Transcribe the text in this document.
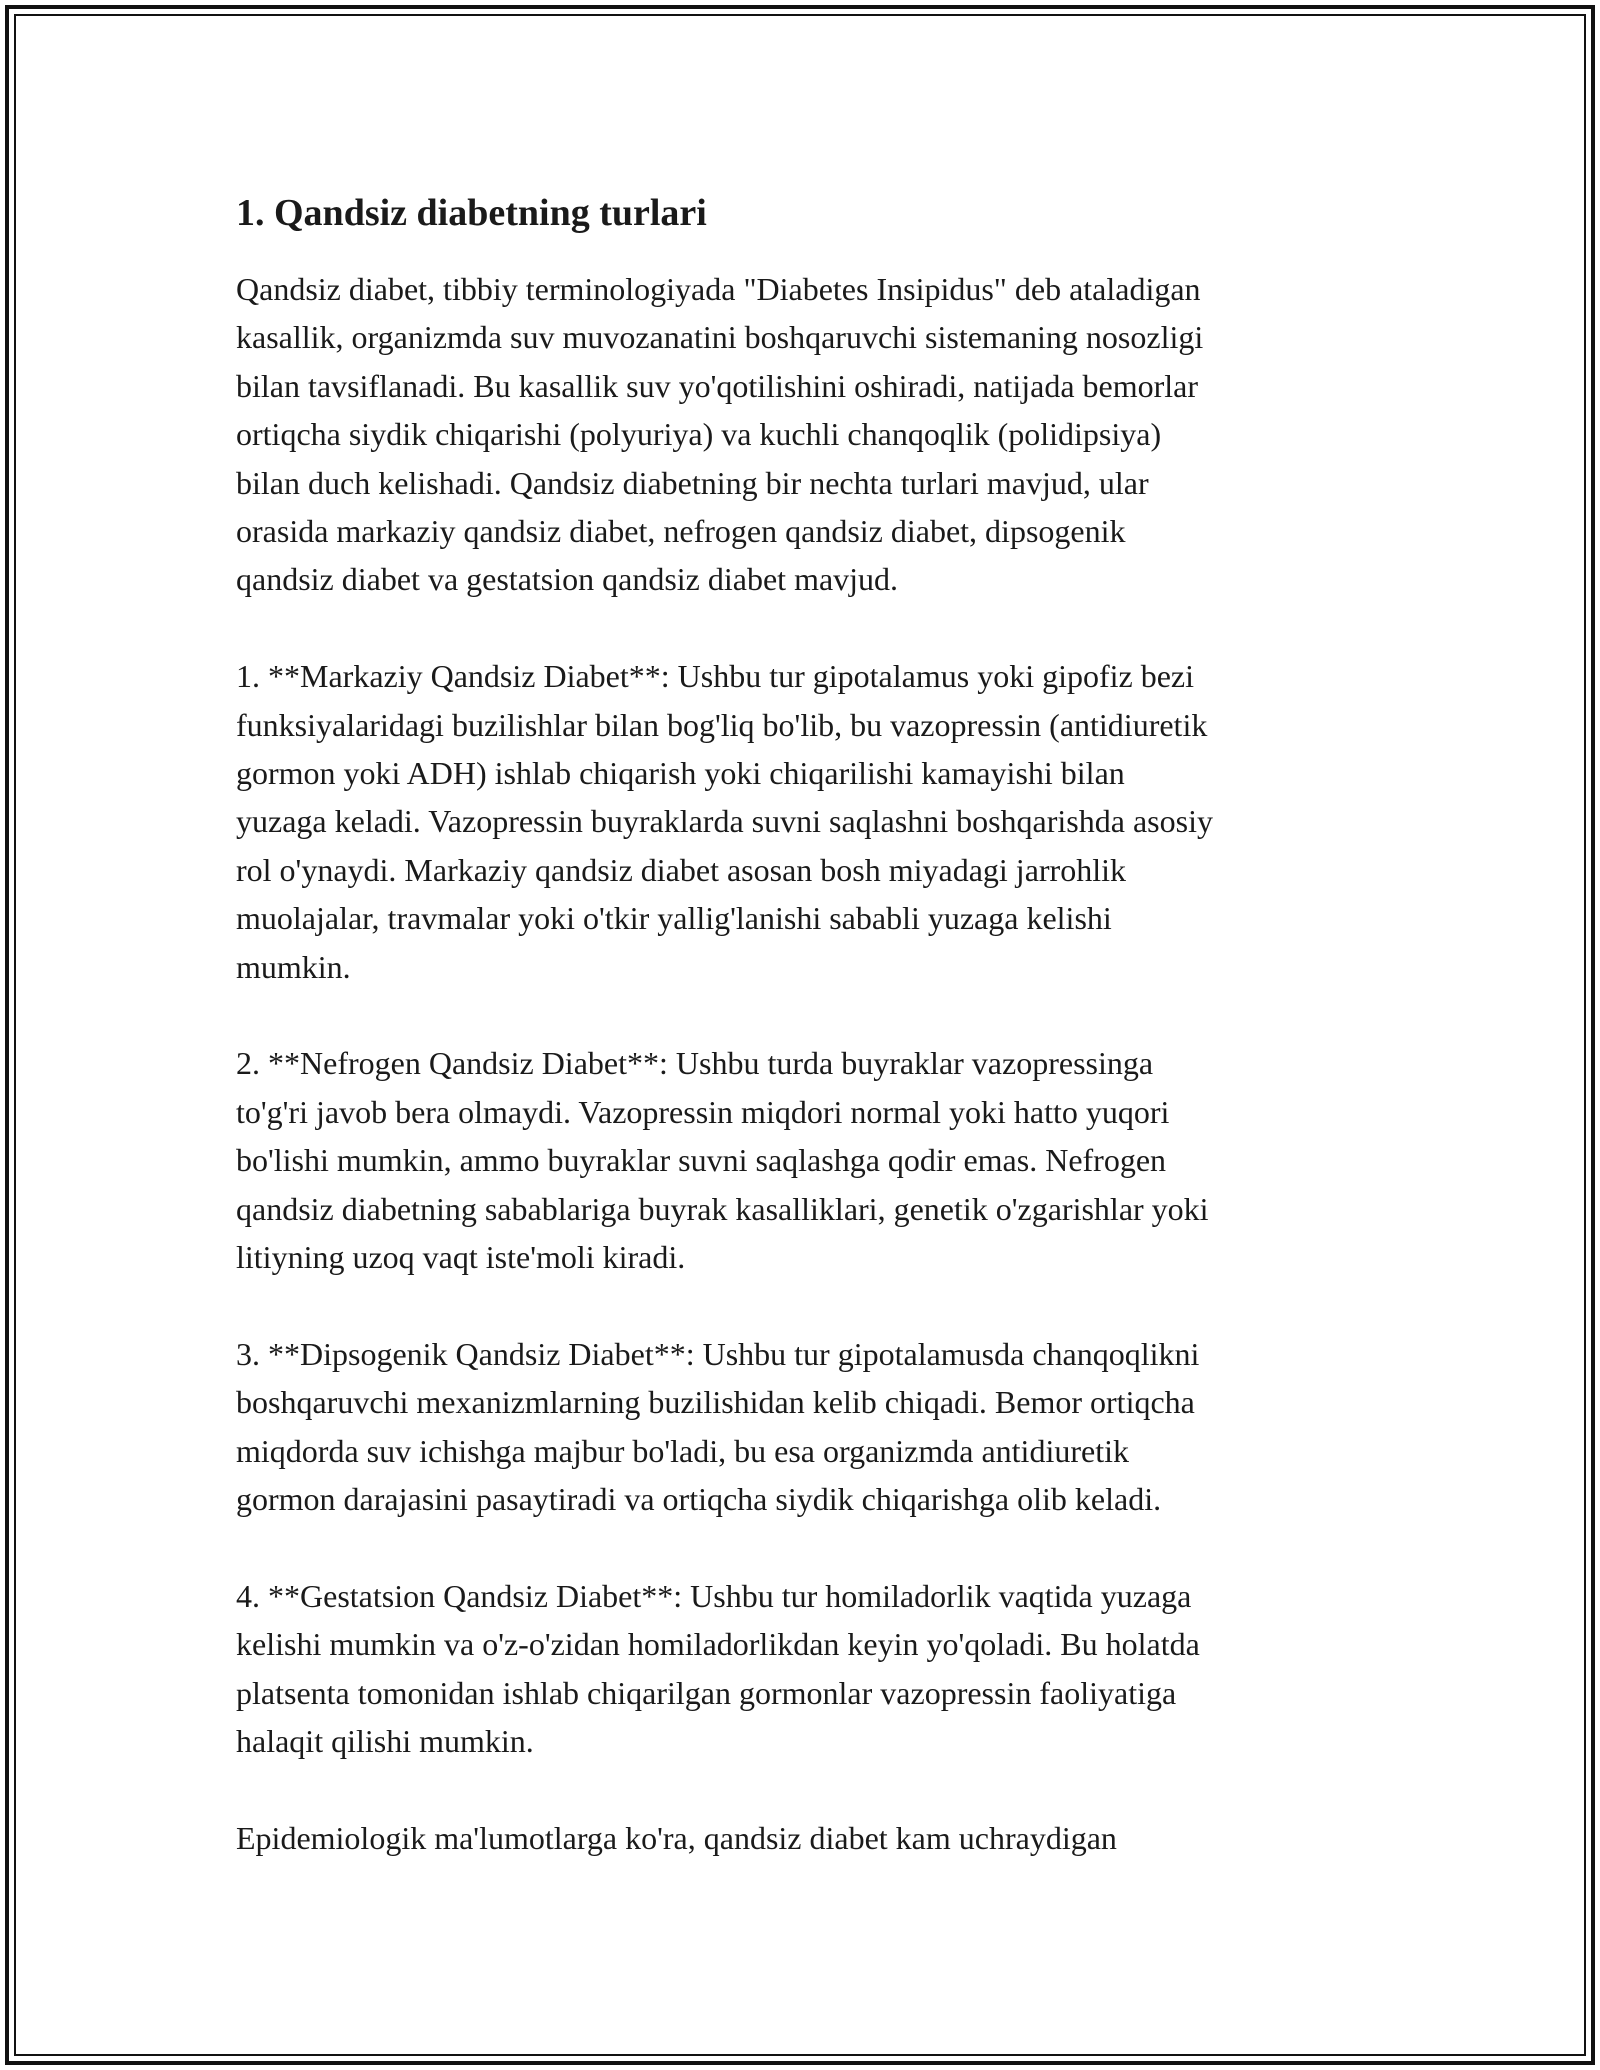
1. Qandsiz diabetning turlari

Qandsiz diabet, tibbiy terminologiyada "Diabetes Insipidus" deb ataladigan
kasallik, organizmda suv muvozanatini boshqaruvchi sistemaning nosozligi
bilan tavsiflanadi. Bu kasallik suv yo'qotilishini oshiradi, natijada bemorlar
ortiqcha siydik chiqarishi (polyuriya) va kuchli chanqoqlik (polidipsiya)
bilan duch kelishadi. Qandsiz diabetning bir nechta turlari mavjud, ular
orasida markaziy qandsiz diabet, nefrogen qandsiz diabet, dipsogenik
qandsiz diabet va gestatsion qandsiz diabet mavjud.

1. **Markaziy Qandsiz Diabet**: Ushbu tur gipotalamus yoki gipofiz bezi
funksiyalaridagi buzilishlar bilan bog'liq bo'lib, bu vazopressin (antidiuretik
gormon yoki ADH) ishlab chiqarish yoki chiqarilishi kamayishi bilan
yuzaga keladi. Vazopressin buyraklarda suvni saqlashni boshqarishda asosiy
rol o'ynaydi. Markaziy qandsiz diabet asosan bosh miyadagi jarrohlik
muolajalar, travmalar yoki o'tkir yallig'lanishi sababli yuzaga kelishi
mumkin.

2. **Nefrogen Qandsiz Diabet**: Ushbu turda buyraklar vazopressinga
to'g'ri javob bera olmaydi. Vazopressin miqdori normal yoki hatto yuqori
bo'lishi mumkin, ammo buyraklar suvni saqlashga qodir emas. Nefrogen
qandsiz diabetning sabablariga buyrak kasalliklari, genetik o'zgarishlar yoki
litiyning uzoq vaqt iste'moli kiradi.

3. **Dipsogenik Qandsiz Diabet**: Ushbu tur gipotalamusda chanqoqlikni
boshqaruvchi mexanizmlarning buzilishidan kelib chiqadi. Bemor ortiqcha
miqdorda suv ichishga majbur bo'ladi, bu esa organizmda antidiuretik
gormon darajasini pasaytiradi va ortiqcha siydik chiqarishga olib keladi.

4. **Gestatsion Qandsiz Diabet**: Ushbu tur homiladorlik vaqtida yuzaga
kelishi mumkin va o'z-o'zidan homiladorlikdan keyin yo'qoladi. Bu holatda
platsenta tomonidan ishlab chiqarilgan gormonlar vazopressin faoliyatiga
halaqit qilishi mumkin.

Epidemiologik ma'lumotlarga ko'ra, qandsiz diabet kam uchraydigan
